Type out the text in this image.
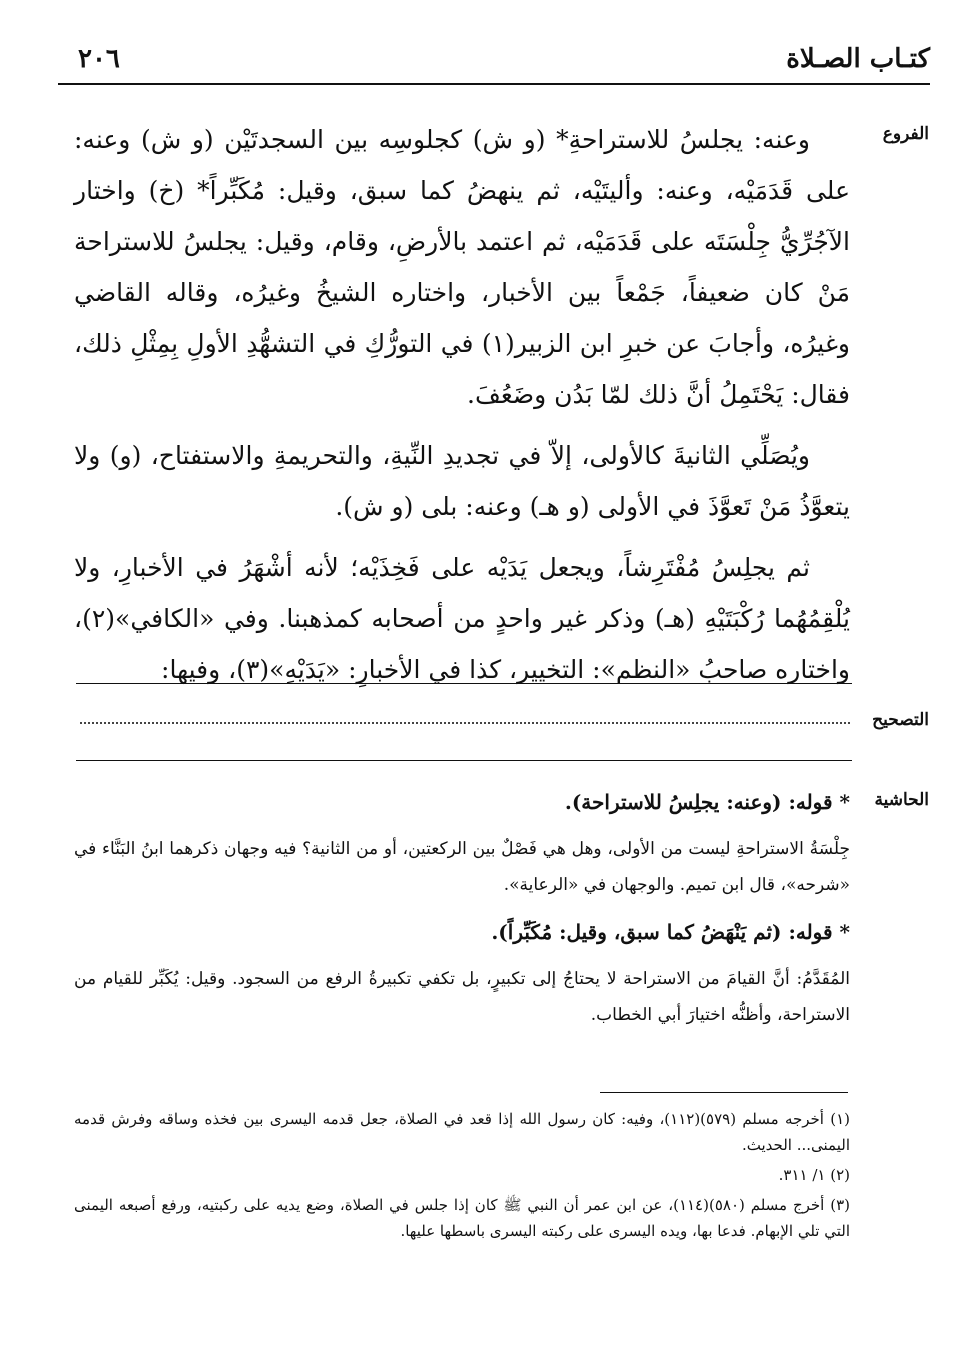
٢٠٦	كتـاب الصـلاة
الفروع

وعنه: يجلسُ للاستراحةِ* (و ش) كجلوسِه بين السجدتَيْن (و ش) وعنه: على قَدَمَيْه، وعنه: وأليتَيْه، ثم ينهضُ كما سبق، وقيل: مُكَبِّراً* (خ) واختار الآجُرِّيُّ جِلْسَتَه على قَدَمَيْه، ثم اعتمد بالأرضِ، وقام، وقيل: يجلسُ للاستراحة مَنْ كان ضعيفاً، جَمْعاً بين الأخبار، واختاره الشيخُ وغيرُه، وقاله القاضي وغيرُه، وأجابَ عن خبرِ ابن الزبير(١) في التورُّكِ في التشهُّدِ الأولِ بِمِثْلِ ذلك، فقال: يَحْتَمِلُ أنَّ ذلك لمّا بَدُن وضَعُفَ.

ويُصَلِّي الثانيةَ كالأولى، إلاّ في تجديدِ النِّيةِ، والتحريمةِ والاستفتاح، (و) ولا يتعوَّذُ مَنْ تَعوَّذَ في الأولى (و هـ) وعنه: بلى (و ش).

ثم يجلِسُ مُفْتَرِشاً، ويجعل يَدَيْه على فَخِذَيْه؛ لأنه أشْهَرُ في الأخبارِ، ولا يُلْقِمُهُما رُكْبَتَيْهِ (هـ) وذكر غير واحدٍ من أصحابه كمذهبنا. وفي «الكافي»(٢)، واختاره صاحبُ «النظم»: التخيير، كذا في الأخبارِ: «يَدَيْهِ»(٣)، وفيها:

التصحيح
الحاشية
* قوله: (وعنه: يجلِسُ للاستراحة).
جِلْسَةُ الاستراحةِ ليست من الأولى، وهل هي فَصْلٌ بين الركعتين، أو من الثانية؟ فيه وجهان ذكرهما ابنُ البَنَّاء في «شرحه»، قال ابن تميم. والوجهان في «الرعاية».
* قوله: (ثم يَنْهَضُ كما سبق، وقيل: مُكَبِّراً).
المُقَدَّمُ: أنَّ القيامَ من الاستراحة لا يحتاجُ إلى تكبيرٍ، بل تكفي تكبيرةُ الرفع من السجود. وقيل: يُكَبِّر للقيام من الاستراحة، وأظنُّه اختيارَ أبي الخطاب.

(١) أخرجه مسلم (٥٧٩)(١١٢)، وفيه: كان رسول الله إذا قعد في الصلاة، جعل قدمه اليسرى بين فخذه وساقه وفرش قدمه اليمنى... الحديث.

(٢) ١/ ٣١١.

(٣) أخرج مسلم (٥٨٠)(١١٤)، عن ابن عمر أن النبي ﷺ كان إذا جلس في الصلاة، وضع يديه على ركبتيه، ورفع أصبعه اليمنى التي تلي الإبهام. فدعا بها، ويده اليسرى على ركبته اليسرى باسطها عليها.
